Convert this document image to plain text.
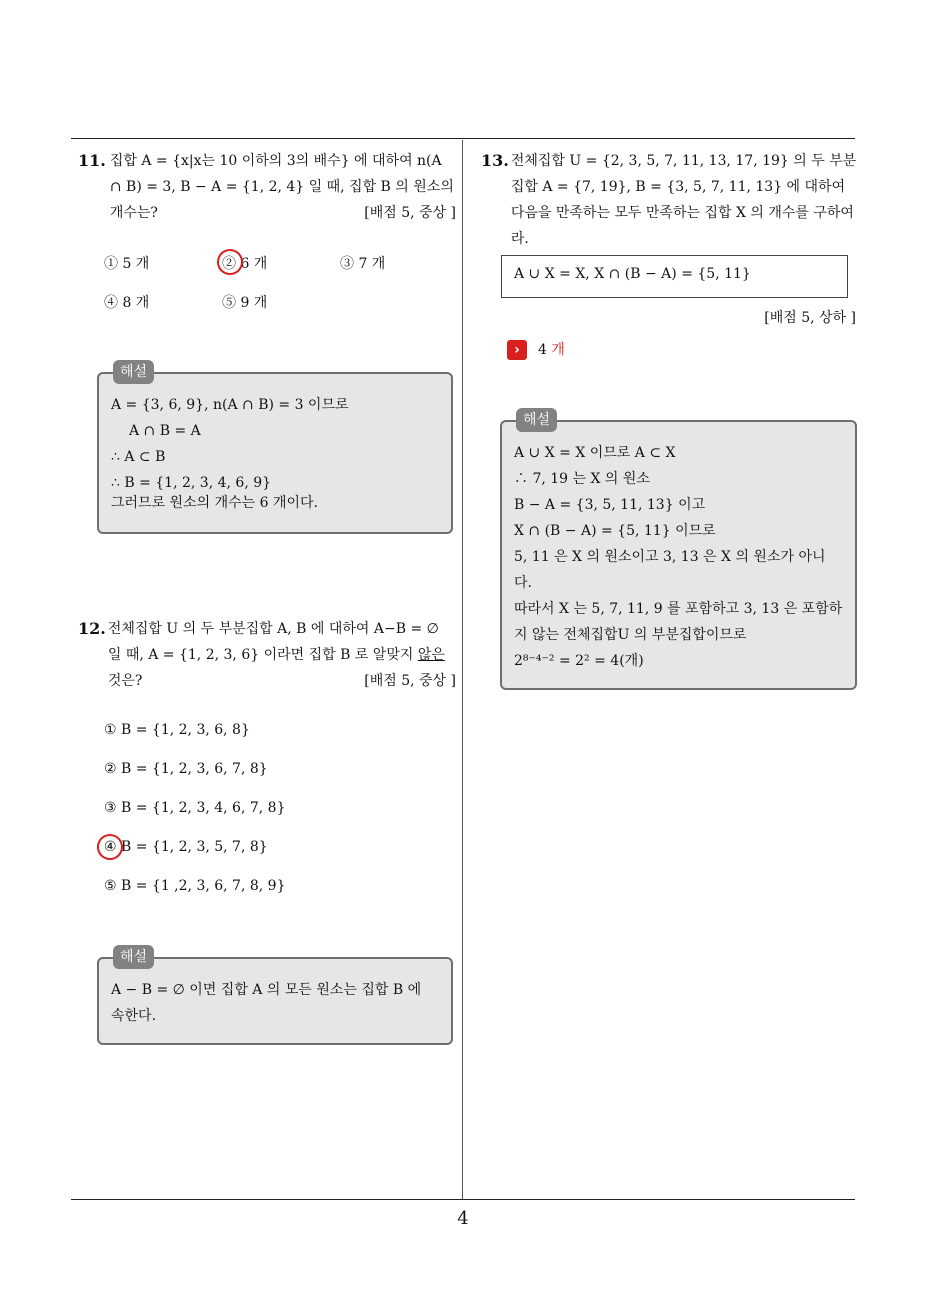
4
11. 집합 A = {x|x는 10 이하의 3의 배수} 에 대하여 n(A ∩ B) = 3, B − A = {1, 2, 4} 일 때, 집합 B 의 원소의 개수는?	[배점 5, 중상 ]
① 5 개	② 6 개	③ 7 개
④ 8 개	⑤ 9 개
해설
A = {3, 6, 9}, n(A ∩ B) = 3 이므로
A ∩ B = A
∴ A ⊂ B
∴ B = {1, 2, 3, 4, 6, 9}
그러므로 원소의 개수는 6 개이다.
12. 전체집합 U 의 두 부분집합 A, B 에 대하여 A−B = ∅ 일 때, A = {1, 2, 3, 6} 이라면 집합 B 로 알맞지 않은 것은?	[배점 5, 중상 ]
① B = {1, 2, 3, 6, 8}
② B = {1, 2, 3, 6, 7, 8}
③ B = {1, 2, 3, 4, 6, 7, 8}
④ B = {1, 2, 3, 5, 7, 8}
⑤ B = {1 ,2, 3, 6, 7, 8, 9}
해설
A − B = ∅ 이면 집합 A 의 모든 원소는 집합 B 에 속한다.
13. 전체집합 U = {2, 3, 5, 7, 11, 13, 17, 19} 의 두 부분집합 A = {7, 19}, B = {3, 5, 7, 11, 13} 에 대하여 다음을 만족하는 모두 만족하는 집합 X 의 개수를 구하여라.
A ∪ X = X, X ∩ (B − A) = {5, 11}
[배점 5, 상하 ]
›	4 개
해설
A ∪ X = X 이므로 A ⊂ X
∴ 7, 19 는 X 의 원소
B − A = {3, 5, 11, 13} 이고
X ∩ (B − A) = {5, 11} 이므로
5, 11 은 X 의 원소이고 3, 13 은 X 의 원소가 아니다.
따라서 X 는 5, 7, 11, 9 를 포함하고 3, 13 은 포함하지 않는 전체집합U 의 부분집합이므로
2⁸⁻⁴⁻² = 2² = 4(개)
